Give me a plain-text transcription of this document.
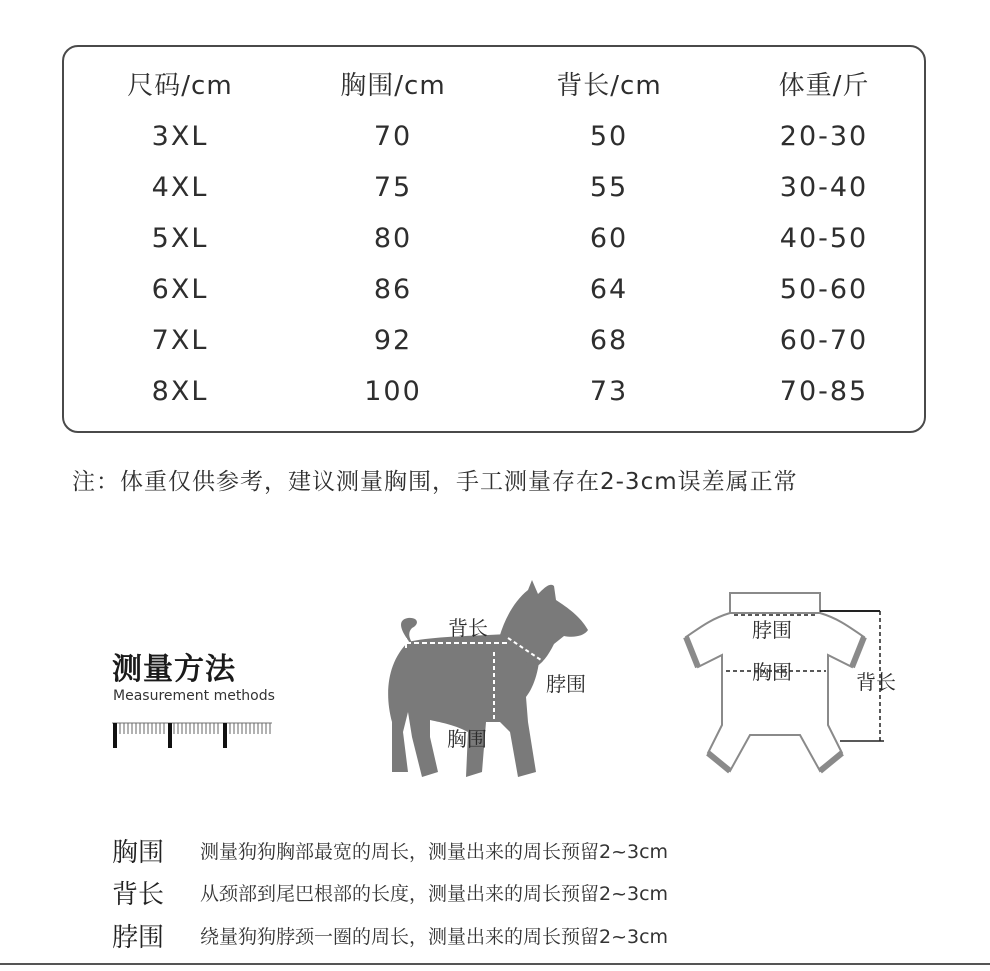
尺码/cm	胸围/cm	背长/cm	体重/斤
3XL	70	50	20-30
4XL	75	55	30-40
5XL	80	60	40-50
6XL	86	64	50-60
7XL	92	68	60-70
8XL	100	73	70-85
注：体重仅供参考，建议测量胸围，手工测量存在2-3cm误差属正常
测量方法
Measurement methods
背长
脖围
胸围
脖围
胸围	背长
胸围 测量狗狗胸部最宽的周长，测量出来的周长预留2~3cm
背长 从颈部到尾巴根部的长度，测量出来的周长预留2~3cm
脖围 绕量狗狗脖颈一圈的周长，测量出来的周长预留2~3cm
